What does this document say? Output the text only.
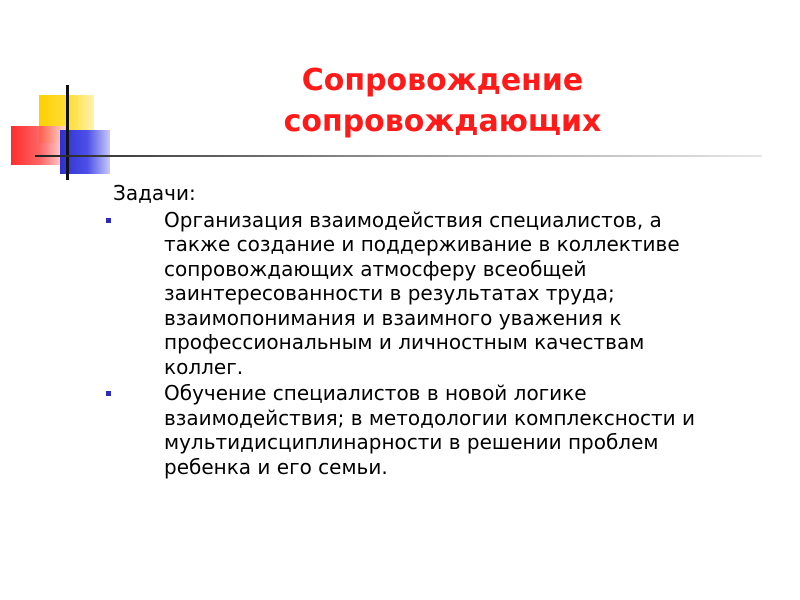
Сопровождение
сопровождающих
Задачи:
Организация взаимодействия специалистов, а
также создание и поддерживание в коллективе
сопровождающих атмосферу всеобщей
заинтересованности в результатах труда;
взаимопонимания и взаимного уважения к
профессиональным и личностным качествам
коллег.
Обучение специалистов в новой логике
взаимодействия; в методологии комплексности и
мультидисциплинарности в решении проблем
ребенка и его семьи.
